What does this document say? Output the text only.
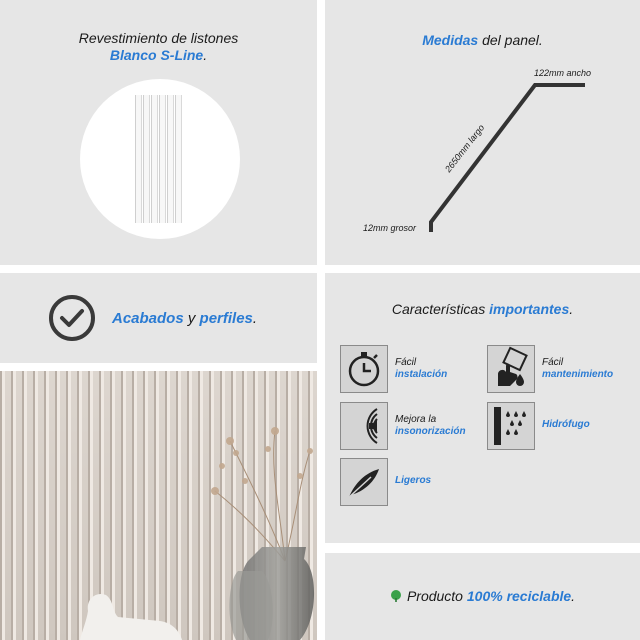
Revestimiento de listones
Blanco S-Line.
Medidas del panel.
122mm ancho
2650mm largo
12mm grosor
Acabados y perfiles.
Características importantes.
Fácil
instalación
Fácil
mantenimiento
Mejora la
insonorización
Hidrófugo
Ligeros
Producto 100% reciclable.
